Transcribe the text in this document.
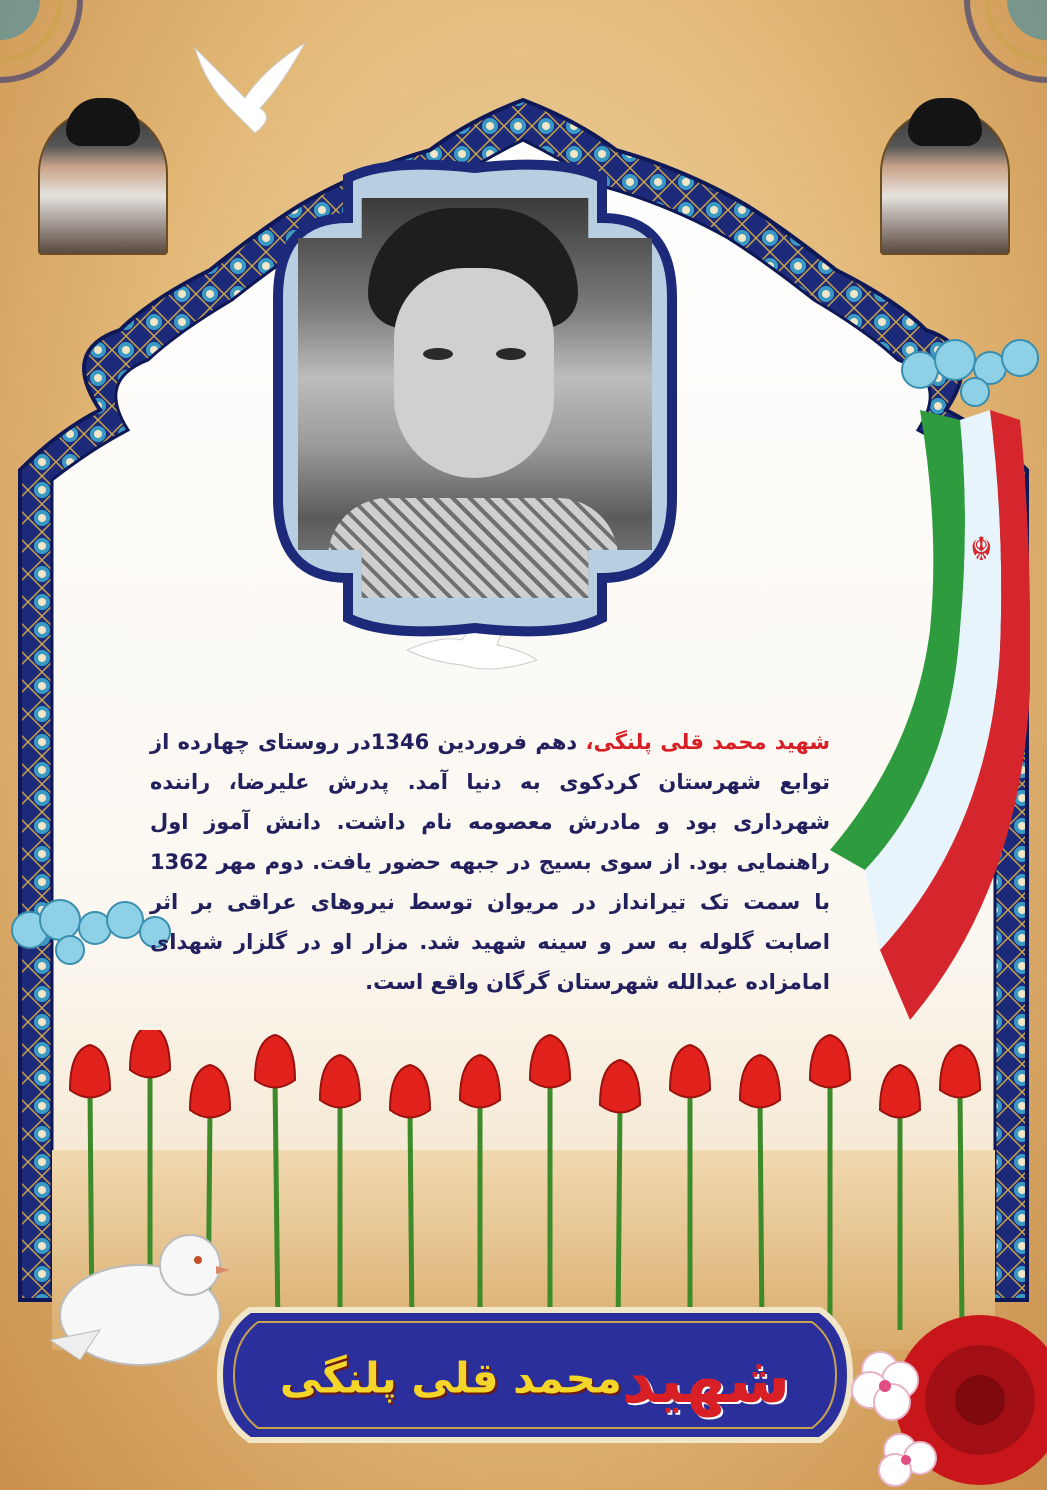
☬
شهید محمد قلی پلنگی، دهم فروردین 1346در روستای چهارده از توابع شهرستان کردکوی به دنیا آمد. پدرش علیرضا، راننده شهرداری بود و مادرش معصومه نام داشت. دانش آموز اول راهنمایی بود. از سوی بسیج در جبهه حضور یافت. دوم مهر 1362 با سمت تک تیرانداز در مریوان توسط نیروهای عراقی بر اثر اصابت گلوله به سر و سینه شهید شد. مزار او در گلزار شهدای امامزاده عبدالله شهرستان گرگان واقع است.
شهیدمحمد قلی پلنگی
